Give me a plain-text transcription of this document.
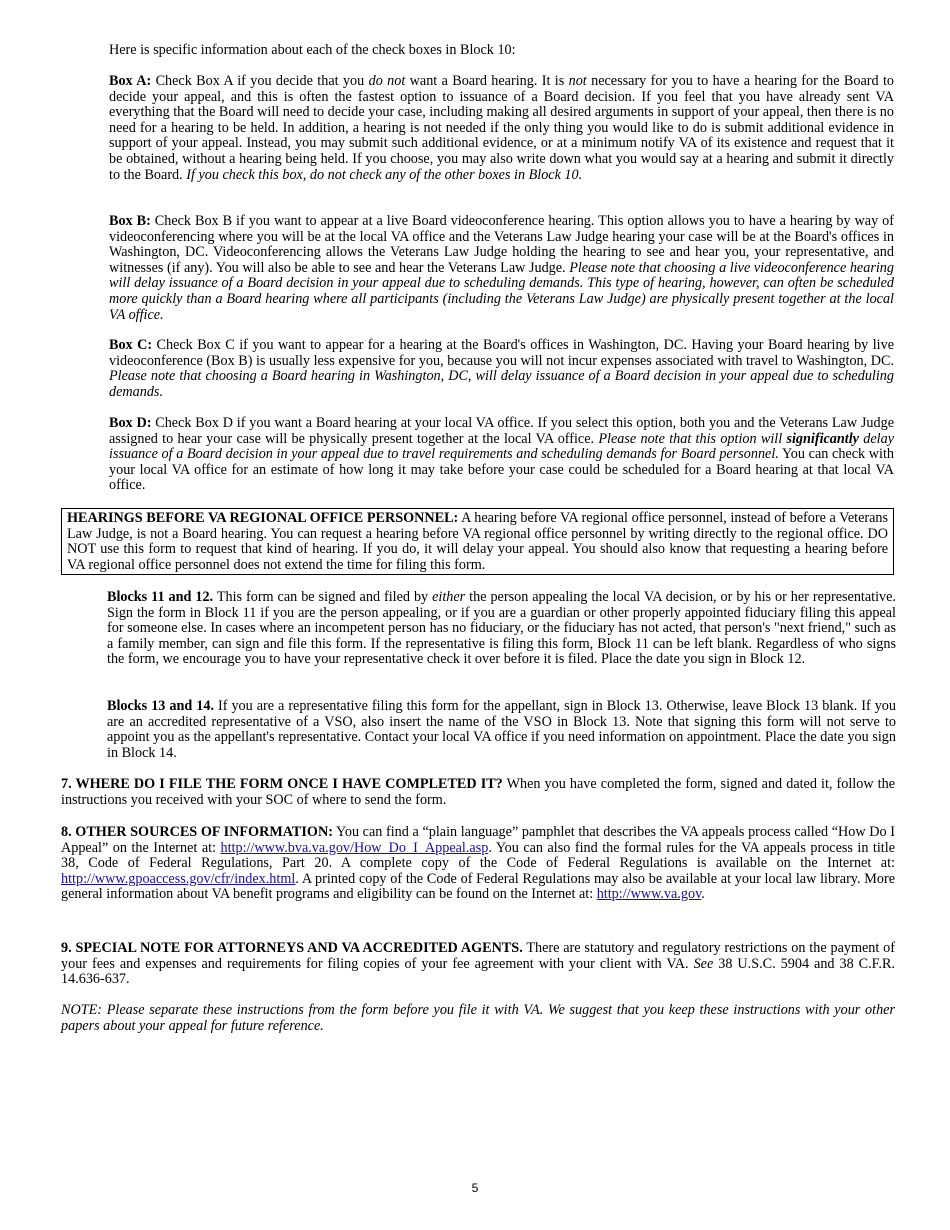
Here is specific information about each of the check boxes in Block 10:

Box A: Check Box A if you decide that you do not want a Board hearing. It is not necessary for you to have a hearing for the Board to decide your appeal, and this is often the fastest option to issuance of a Board decision. If you feel that you have already sent VA everything that the Board will need to decide your case, including making all desired arguments in support of your appeal, then there is no need for a hearing to be held. In addition, a hearing is not needed if the only thing you would like to do is submit additional evidence in support of your appeal. Instead, you may submit such additional evidence, or at a minimum notify VA of its existence and request that it be obtained, without a hearing being held. If you choose, you may also write down what you would say at a hearing and submit it directly to the Board. If you check this box, do not check any of the other boxes in Block 10.

Box B: Check Box B if you want to appear at a live Board videoconference hearing. This option allows you to have a hearing by way of videoconferencing where you will be at the local VA office and the Veterans Law Judge hearing your case will be at the Board's offices in Washington, DC. Videoconferencing allows the Veterans Law Judge holding the hearing to see and hear you, your representative, and witnesses (if any). You will also be able to see and hear the Veterans Law Judge. Please note that choosing a live videoconference hearing will delay issuance of a Board decision in your appeal due to scheduling demands. This type of hearing, however, can often be scheduled more quickly than a Board hearing where all participants (including the Veterans Law Judge) are physically present together at the local VA office.

Box C: Check Box C if you want to appear for a hearing at the Board's offices in Washington, DC. Having your Board hearing by live videoconference (Box B) is usually less expensive for you, because you will not incur expenses associated with travel to Washington, DC. Please note that choosing a Board hearing in Washington, DC, will delay issuance of a Board decision in your appeal due to scheduling demands.

Box D: Check Box D if you want a Board hearing at your local VA office. If you select this option, both you and the Veterans Law Judge assigned to hear your case will be physically present together at the local VA office. Please note that this option will significantly delay issuance of a Board decision in your appeal due to travel requirements and scheduling demands for Board personnel. You can check with your local VA office for an estimate of how long it may take before your case could be scheduled for a Board hearing at that local VA office.

HEARINGS BEFORE VA REGIONAL OFFICE PERSONNEL: A hearing before VA regional office personnel, instead of before a Veterans Law Judge, is not a Board hearing. You can request a hearing before VA regional office personnel by writing directly to the regional office. DO NOT use this form to request that kind of hearing. If you do, it will delay your appeal. You should also know that requesting a hearing before VA regional office personnel does not extend the time for filing this form.

Blocks 11 and 12. This form can be signed and filed by either the person appealing the local VA decision, or by his or her representative. Sign the form in Block 11 if you are the person appealing, or if you are a guardian or other properly appointed fiduciary filing this appeal for someone else. In cases where an incompetent person has no fiduciary, or the fiduciary has not acted, that person's "next friend," such as a family member, can sign and file this form. If the representative is filing this form, Block 11 can be left blank. Regardless of who signs the form, we encourage you to have your representative check it over before it is filed. Place the date you sign in Block 12.

Blocks 13 and 14. If you are a representative filing this form for the appellant, sign in Block 13. Otherwise, leave Block 13 blank. If you are an accredited representative of a VSO, also insert the name of the VSO in Block 13. Note that signing this form will not serve to appoint you as the appellant's representative. Contact your local VA office if you need information on appointment. Place the date you sign in Block 14.

7. WHERE DO I FILE THE FORM ONCE I HAVE COMPLETED IT? When you have completed the form, signed and dated it, follow the instructions you received with your SOC of where to send the form.

8. OTHER SOURCES OF INFORMATION: You can find a “plain language” pamphlet that describes the VA appeals process called “How Do I Appeal” on the Internet at: http://www.bva.va.gov/How_Do_I_Appeal.asp. You can also find the formal rules for the VA appeals process in title 38, Code of Federal Regulations, Part 20. A complete copy of the Code of Federal Regulations is available on the Internet at: http://www.gpoaccess.gov/cfr/index.html. A printed copy of the Code of Federal Regulations may also be available at your local law library. More general information about VA benefit programs and eligibility can be found on the Internet at: http://www.va.gov.

9. SPECIAL NOTE FOR ATTORNEYS AND VA ACCREDITED AGENTS. There are statutory and regulatory restrictions on the payment of your fees and expenses and requirements for filing copies of your fee agreement with your client with VA. See 38 U.S.C. 5904 and 38 C.F.R. 14.636-637.

NOTE: Please separate these instructions from the form before you file it with VA. We suggest that you keep these instructions with your other papers about your appeal for future reference.

5
